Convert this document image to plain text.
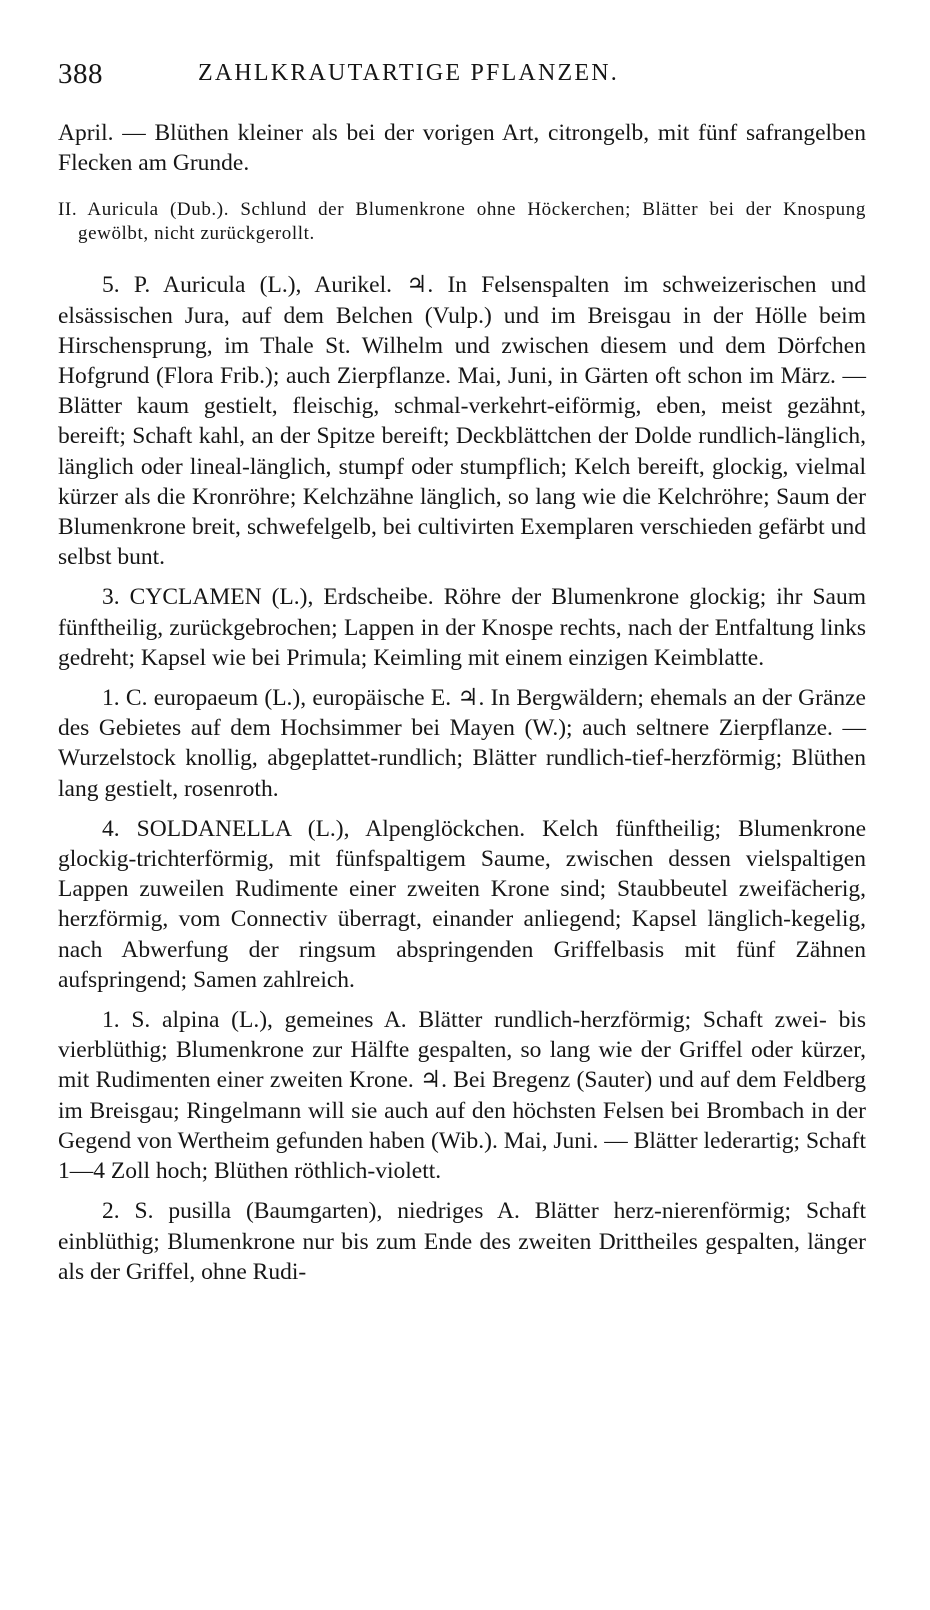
388	ZAHLKRAUTARTIGE PFLANZEN.

April. — Blüthen kleiner als bei der vorigen Art, citrongelb, mit fünf safrangelben Flecken am Grunde.

II. Auricula (Dub.). Schlund der Blumenkrone ohne Höckerchen; Blätter bei der Knospung gewölbt, nicht zurückgerollt.

5. P. Auricula (L.), Aurikel. ♃. In Felsenspalten im schweizerischen und elsässischen Jura, auf dem Belchen (Vulp.) und im Breisgau in der Hölle beim Hirschensprung, im Thale St. Wilhelm und zwischen diesem und dem Dörfchen Hofgrund (Flora Frib.); auch Zierpflanze. Mai, Juni, in Gärten oft schon im März. — Blätter kaum gestielt, fleischig, schmal-verkehrt-eiförmig, eben, meist gezähnt, bereift; Schaft kahl, an der Spitze bereift; Deckblättchen der Dolde rundlich-länglich, länglich oder lineal-länglich, stumpf oder stumpflich; Kelch bereift, glockig, vielmal kürzer als die Kronröhre; Kelchzähne länglich, so lang wie die Kelchröhre; Saum der Blumenkrone breit, schwefelgelb, bei cultivirten Exemplaren verschieden gefärbt und selbst bunt.

3. CYCLAMEN (L.), Erdscheibe. Röhre der Blumenkrone glockig; ihr Saum fünftheilig, zurückgebrochen; Lappen in der Knospe rechts, nach der Entfaltung links gedreht; Kapsel wie bei Primula; Keimling mit einem einzigen Keimblatte.

1. C. europaeum (L.), europäische E. ♃. In Bergwäldern; ehemals an der Gränze des Gebietes auf dem Hochsimmer bei Mayen (W.); auch seltnere Zierpflanze. — Wurzelstock knollig, abgeplattet-rundlich; Blätter rundlich-tief-herzförmig; Blüthen lang gestielt, rosenroth.

4. SOLDANELLA (L.), Alpenglöckchen. Kelch fünftheilig; Blumenkrone glockig-trichterförmig, mit fünfspaltigem Saume, zwischen dessen vielspaltigen Lappen zuweilen Rudimente einer zweiten Krone sind; Staubbeutel zweifächerig, herzförmig, vom Connectiv überragt, einander anliegend; Kapsel länglich-kegelig, nach Abwerfung der ringsum abspringenden Griffelbasis mit fünf Zähnen aufspringend; Samen zahlreich.

1. S. alpina (L.), gemeines A. Blätter rundlich-herzförmig; Schaft zwei- bis vierblüthig; Blumenkrone zur Hälfte gespalten, so lang wie der Griffel oder kürzer, mit Rudimenten einer zweiten Krone. ♃. Bei Bregenz (Sauter) und auf dem Feldberg im Breisgau; Ringelmann will sie auch auf den höchsten Felsen bei Brombach in der Gegend von Wertheim gefunden haben (Wib.). Mai, Juni. — Blätter lederartig; Schaft 1—4 Zoll hoch; Blüthen röthlich-violett.

2. S. pusilla (Baumgarten), niedriges A. Blätter herz-nierenförmig; Schaft einblüthig; Blumenkrone nur bis zum Ende des zweiten Drittheiles gespalten, länger als der Griffel, ohne Rudi-
